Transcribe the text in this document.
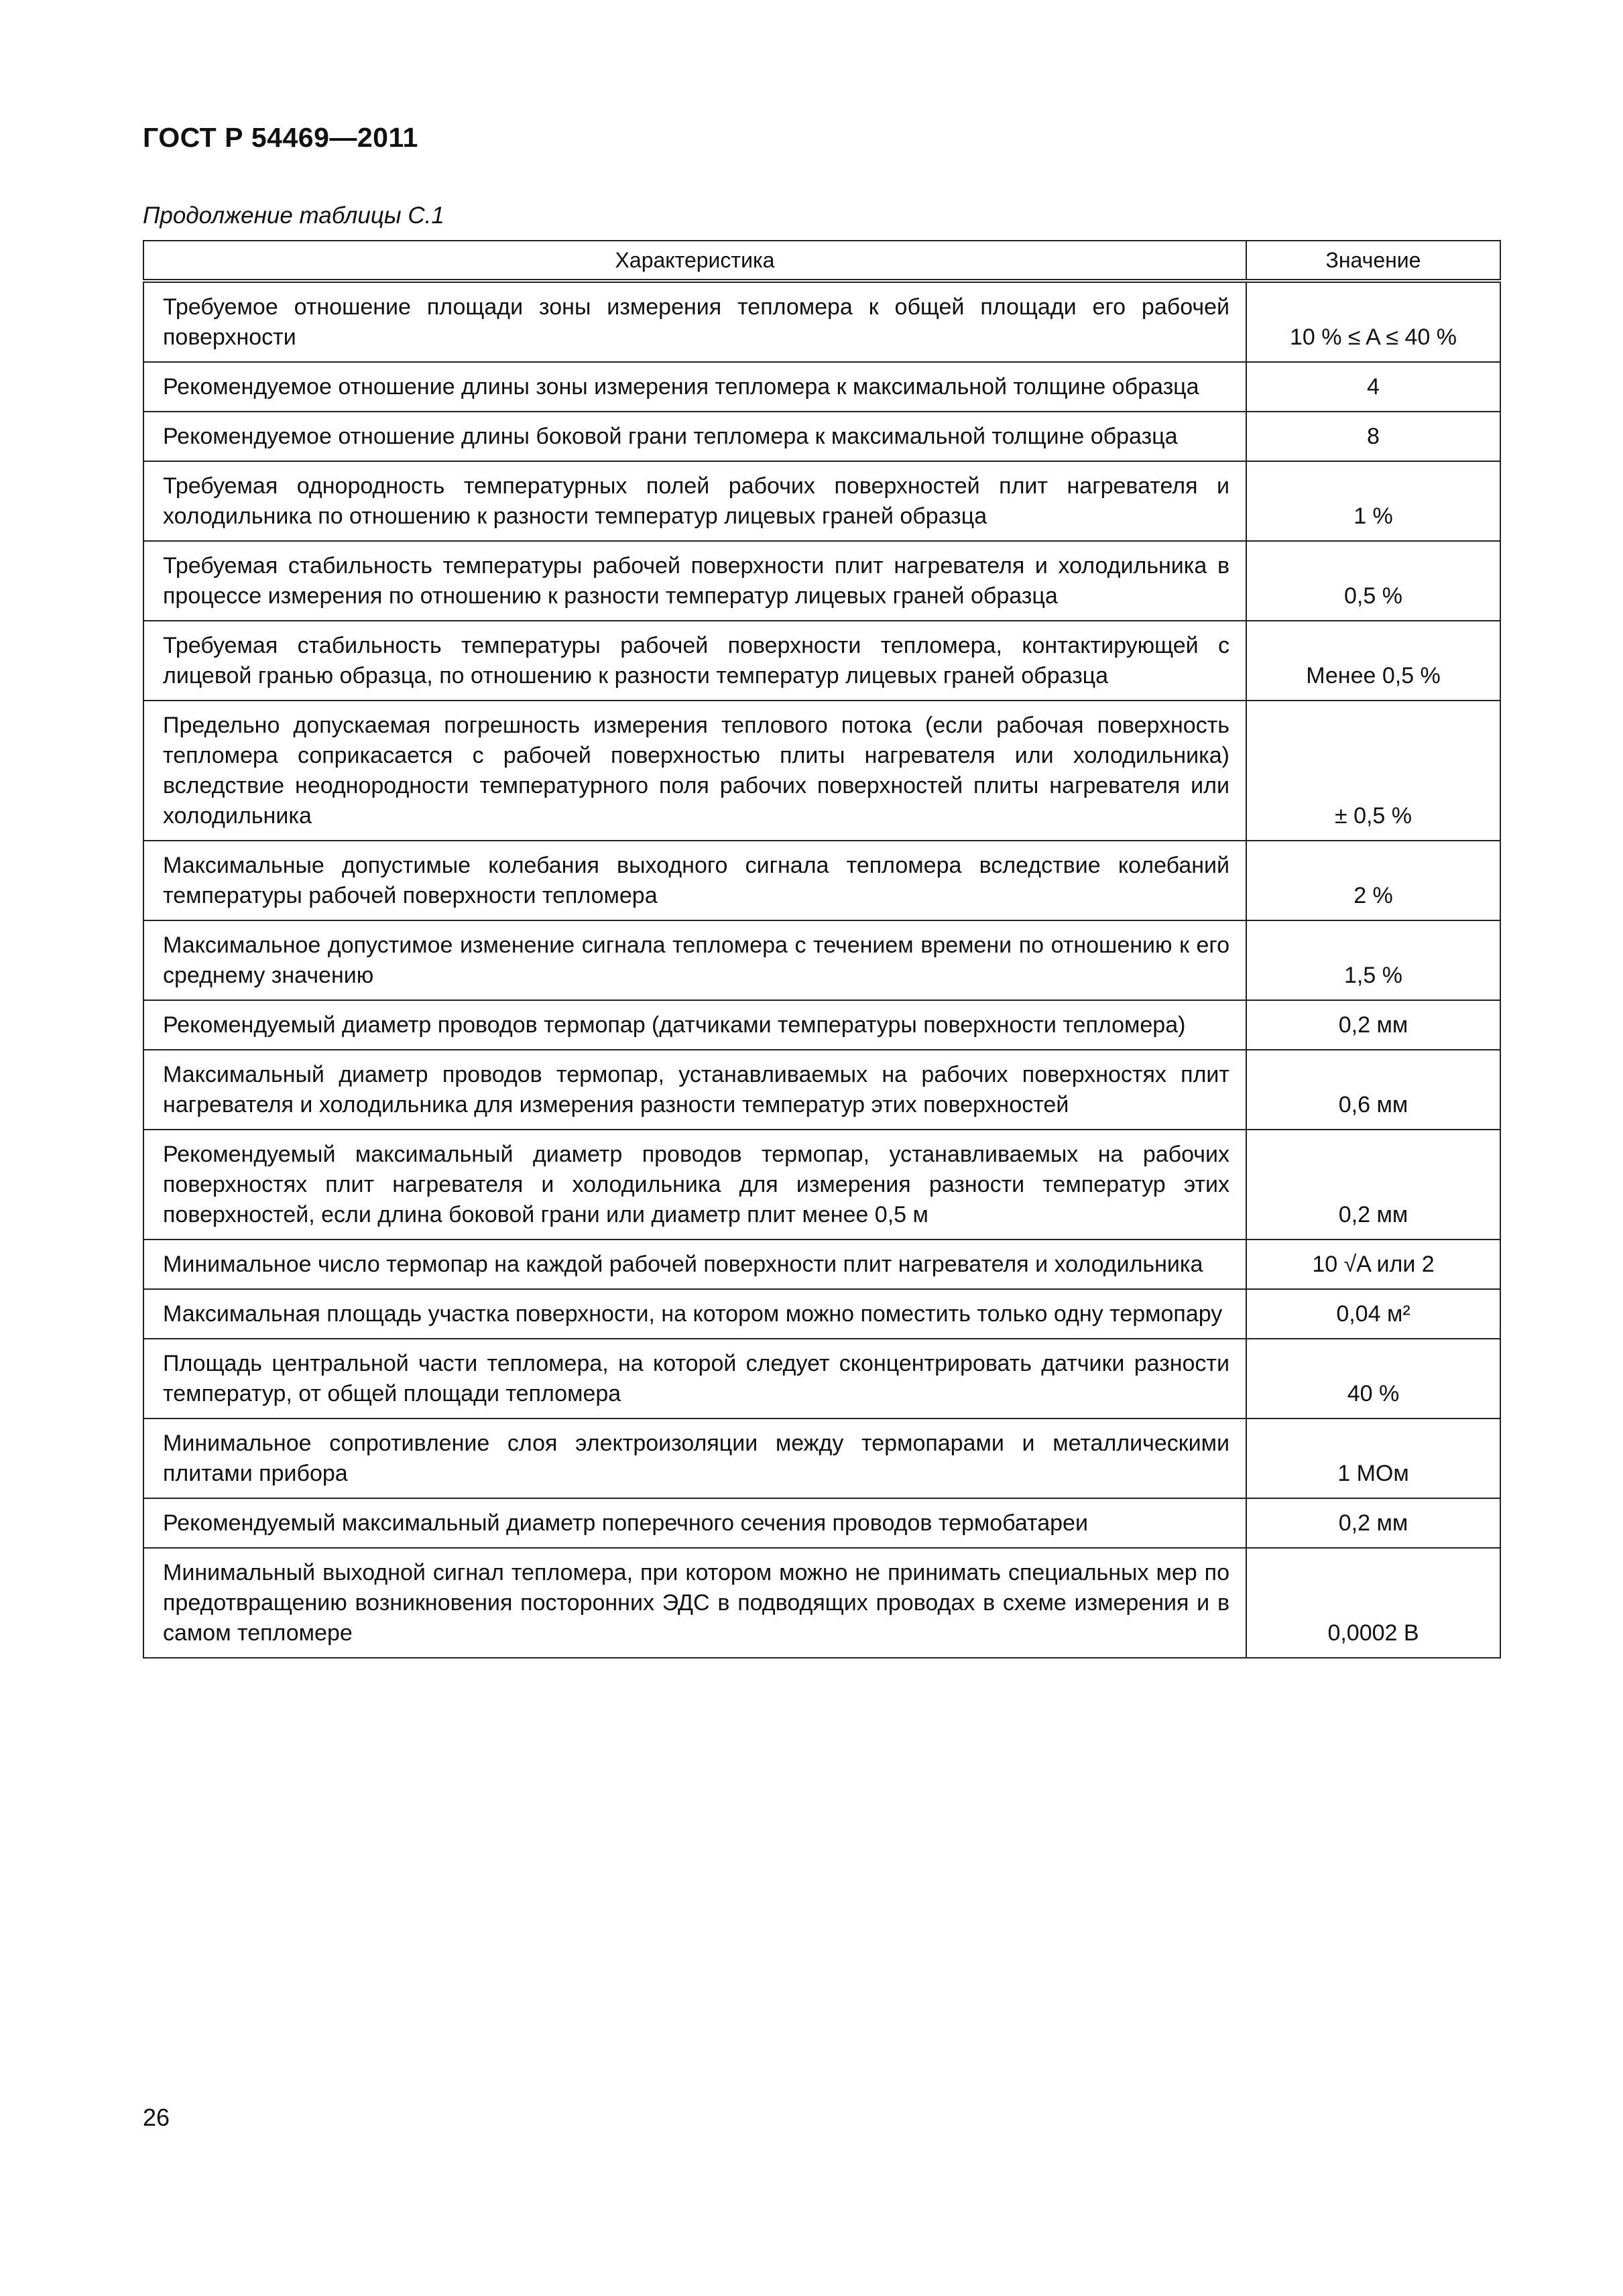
ГОСТ Р 54469—2011
Продолжение таблицы С.1
Характеристика	Значение
Требуемое отношение площади зоны измерения тепломера к общей площади его рабочей поверхности	10 % ≤ A ≤ 40 %
Рекомендуемое отношение длины зоны измерения тепломера к максимальной толщине образца	4
Рекомендуемое отношение длины боковой грани тепломера к максимальной толщине образца	8
Требуемая однородность температурных полей рабочих поверхностей плит нагревателя и холодильника по отношению к разности температур лицевых граней образца	1 %
Требуемая стабильность температуры рабочей поверхности плит нагревателя и холодильника в процессе измерения по отношению к разности температур лицевых граней образца	0,5 %
Требуемая стабильность температуры рабочей поверхности тепломера, контактирующей с лицевой гранью образца, по отношению к разности температур лицевых граней образца	Менее 0,5 %
Предельно допускаемая погрешность измерения теплового потока (если рабочая поверхность тепломера соприкасается с рабочей поверхностью плиты нагревателя или холодильника) вследствие неоднородности температурного поля рабочих поверхностей плиты нагревателя или холодильника	± 0,5 %
Максимальные допустимые колебания выходного сигнала тепломера вследствие колебаний температуры рабочей поверхности тепломера	2 %
Максимальное допустимое изменение сигнала тепломера с течением времени по отношению к его среднему значению	1,5 %
Рекомендуемый диаметр проводов термопар (датчиками температуры поверхности тепломера)	0,2 мм
Максимальный диаметр проводов термопар, устанавливаемых на рабочих поверхностях плит нагревателя и холодильника для измерения разности температур этих поверхностей	0,6 мм
Рекомендуемый максимальный диаметр проводов термопар, устанавливаемых на рабочих поверхностях плит нагревателя и холодильника для измерения разности температур этих поверхностей, если длина боковой грани или диаметр плит менее 0,5 м	0,2 мм
Минимальное число термопар на каждой рабочей поверхности плит нагревателя и холодильника	10 √A или 2
Максимальная площадь участка поверхности, на котором можно поместить только одну термопару	0,04 м²
Площадь центральной части тепломера, на которой следует сконцентрировать датчики разности температур, от общей площади тепломера	40 %
Минимальное сопротивление слоя электроизоляции между термопарами и металлическими плитами прибора	1 МОм
Рекомендуемый максимальный диаметр поперечного сечения проводов термобатареи	0,2 мм
Минимальный выходной сигнал тепломера, при котором можно не принимать специальных мер по предотвращению возникновения посторонних ЭДС в подводящих проводах в схеме измерения и в самом тепломере	0,0002 В
26
